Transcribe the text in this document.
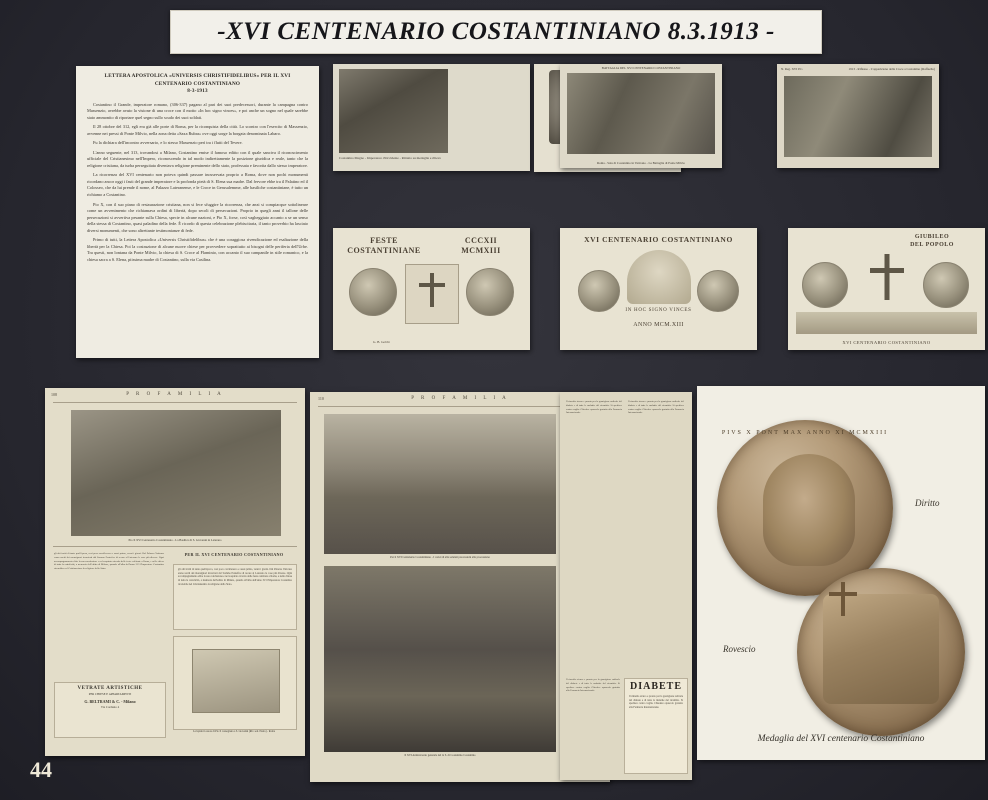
-XVI CENTENARIO COSTANTINIANO 8.3.1913 -
LETTERA APOSTOLICA «UNIVERSIS CHRISTIFIDELIBUS» PER IL XVI
CENTENARIO COSTANTINIANO
8-3-1913

Costantino il Grande, imperatore romano, (306-337) pagano al pari dei suoi predecessori, durante la campagna contro Massenzio, avrebbe avuto la visione di una croce con il motto «In hoc signo vinces», e poi anche un sogno nel quale sarebbe stato ammonito di riportare quel segno sullo scudo dei suoi soldati.

Il 28 ottobre del 312, egli era già alle porte di Roma, per la riconquista della città. Lo scontro con l'esercito di Massenzio, avvenne nei pressi di Ponte Milvio, nella zona detta «Saxa Rubra» ove oggi sorge la borgata denominata Labaro.

Fu la dichiara dell'incontro avversario, e lo stesso Massenzio perì tra i flutti del Tevere.

L'anno seguente, nel 313, trovandosi a Milano, Costantino emise il famoso editto con il quale sanciva il riconoscimento ufficiale del Cristianesimo nell'Impero, riconoscendo in tal modo indirettamente la posizione giuridica e reale, tanto che la religione cristiana, da turba perseguitata diventava religione preminente dello stato, professata e favorita dallo stesso imperatore.

La ricorrenza del XVI centenario non poteva quindi passare inosservata proprio a Roma, dove non pochi monumenti ricordano ancor oggi i fasti del grande imperatore e la profonda pietà di S. Elena sua madre. Dal fervore ebbe tra il Palatino ed il Colosseo, che da lui prende il nome, al Palazzo Lateranense, e le Croce in Gerusalemme, alle basiliche costantiniane, è tutto un richiamo a Costantino.

Pio X, con il suo piano di restaurazione cristiana, non si fece sfuggire la ricorrenza, che anzi si compiacque sottolineare come un avvenimento che richiamava ordini di libertà, dopo secoli di persecuzioni. Proprio in quegli anni il tallone delle persecuzioni si avvertiva pesante sulla Chiesa, specie in alcune nazioni, e Pio X, forse, così vagheggiato accanto a se un senso della stessa di Costantino, quasi paladino della fede. È ricordo di questa celebrazione plebiscitaria, il tanto proverbio ha lasciato diversi monumenti, che sono altrettante testimonianze di fede.

Primo di tutti, la Lettera Apostolica «Universis Christifidelibus» che è una coraggiosa rivendicazione ed esaltazione della libertà per la Chiesa. Poi la costruzione di alcune nuove chiese per provvedere soprattutto ai bisogni delle periferia dell'Urbe. Tra questi, non lontana da Ponte Milvio, la chiesa di S. Croce al Flaminio, con accanto il suo campanile in stile romanico, e la chiesa sacra a S. Elena, piissima madre di Costantino, sulla via Casilina.

Costantino Magno - Imperatore d'Occidente - Ritratto su medaglia e rilievo
BATTAGLIA DEL XVI CENTENARIO COSTANTINIANO
Roma - Sala di Costantino in Vaticano - La Battaglia di Ponte Milvio
N. Reg. XVI P.C.	1913 - Riflesso - L'apparizione della Croce a Costantino (Raffaello)
FESTE
COSTANTINIANE
CCCXII
MCMXIII
G. B. Gobbi
XVI CENTENARIO COSTANTINIANO
IN HOC SIGNO VINCES
ANNO MCM.XIII
GIUBILEO
DEL POPOLO
XVI CENTENARIO COSTANTINIANO
108	P R O F A M I L I A
Pio X XVI Centenario Costantiniano - La Basilica di S. Giovanni in Laterano
gli alti inviti di tante quell'epoca, così poco cavalleresco e assai primo, venni i giorni. Dal Palazzo Vaticano erano usciti dei monsignori incaricati dal Sommo Pontefice di recare al Laterano le cose più diverse. Ogni accompagnamento ebbe la sua conclusione e nel sospirato ricordo delle feste celebrate a Roma, e nelle chiese di tutta la cattolicità, a memoria dell'editto di Milano, quando all'alba dell'anno 313 l'Imperatore Costantino riconobbe nel Cristianesimo la religione dello Stato.
PER IL XVI CENTENARIO COSTANTINIANO
gli alti inviti di tante quell'epoca, così poco cavalleresco e assai primo, venni i giorni. Dal Palazzo Vaticano erano usciti dei monsignori incaricati dal Sommo Pontefice di recare al Laterano le cose più diverse. Ogni accompagnamento ebbe la sua conclusione e nel sospirato ricordo delle feste celebrate a Roma, e nelle chiese di tutta la cattolicità, a memoria dell'editto di Milano, quando all'alba dell'anno 313 l'Imperatore Costantino riconobbe nel Cristianesimo la religione dello Stato.
La lapide in onore di Pio X consegnata a S. Giovanni (Riv. sett. Pietro) - Roma
VETRATE ARTISTICHE
PER CHIESE E APPARTAMENTI
G. BELTRAMI & C. - Milano
Via Cordusio 4
110	P R O F A M I L I A
Per il XVI Centenario Costantiniano - I cortei di alle solenni processioni alla processione
Il XVI Anniversario generale del la S. di Costantino Costantino
Il rimedio sicuro e pronto per la guarigione radicale del diabete e di tutte le malattie del ricambio. Si spedisce contro vaglia. Chiedere opuscolo gratuito alla Farmacia Internazionale.
Il rimedio sicuro e pronto per la guarigione radicale del diabete e di tutte le malattie del ricambio. Si spedisce contro vaglia. Chiedere opuscolo gratuito alla Farmacia Internazionale.
DIABETE
Il rimedio sicuro e pronto per la guarigione radicale del diabete e di tutte le malattie del ricambio. Si spedisce contro vaglia. Chiedere opuscolo gratuito alla Farmacia Internazionale.
Il rimedio sicuro e pronto per la guarigione radicale del diabete e di tutte le malattie del ricambio. Si spedisce contro vaglia. Chiedere opuscolo gratuito alla Farmacia Internazionale.
PIVS X PONT MAX ANNO XI MCMXIII
Diritto
Rovescio
Medaglia del XVI centenario Costantiniano
44
